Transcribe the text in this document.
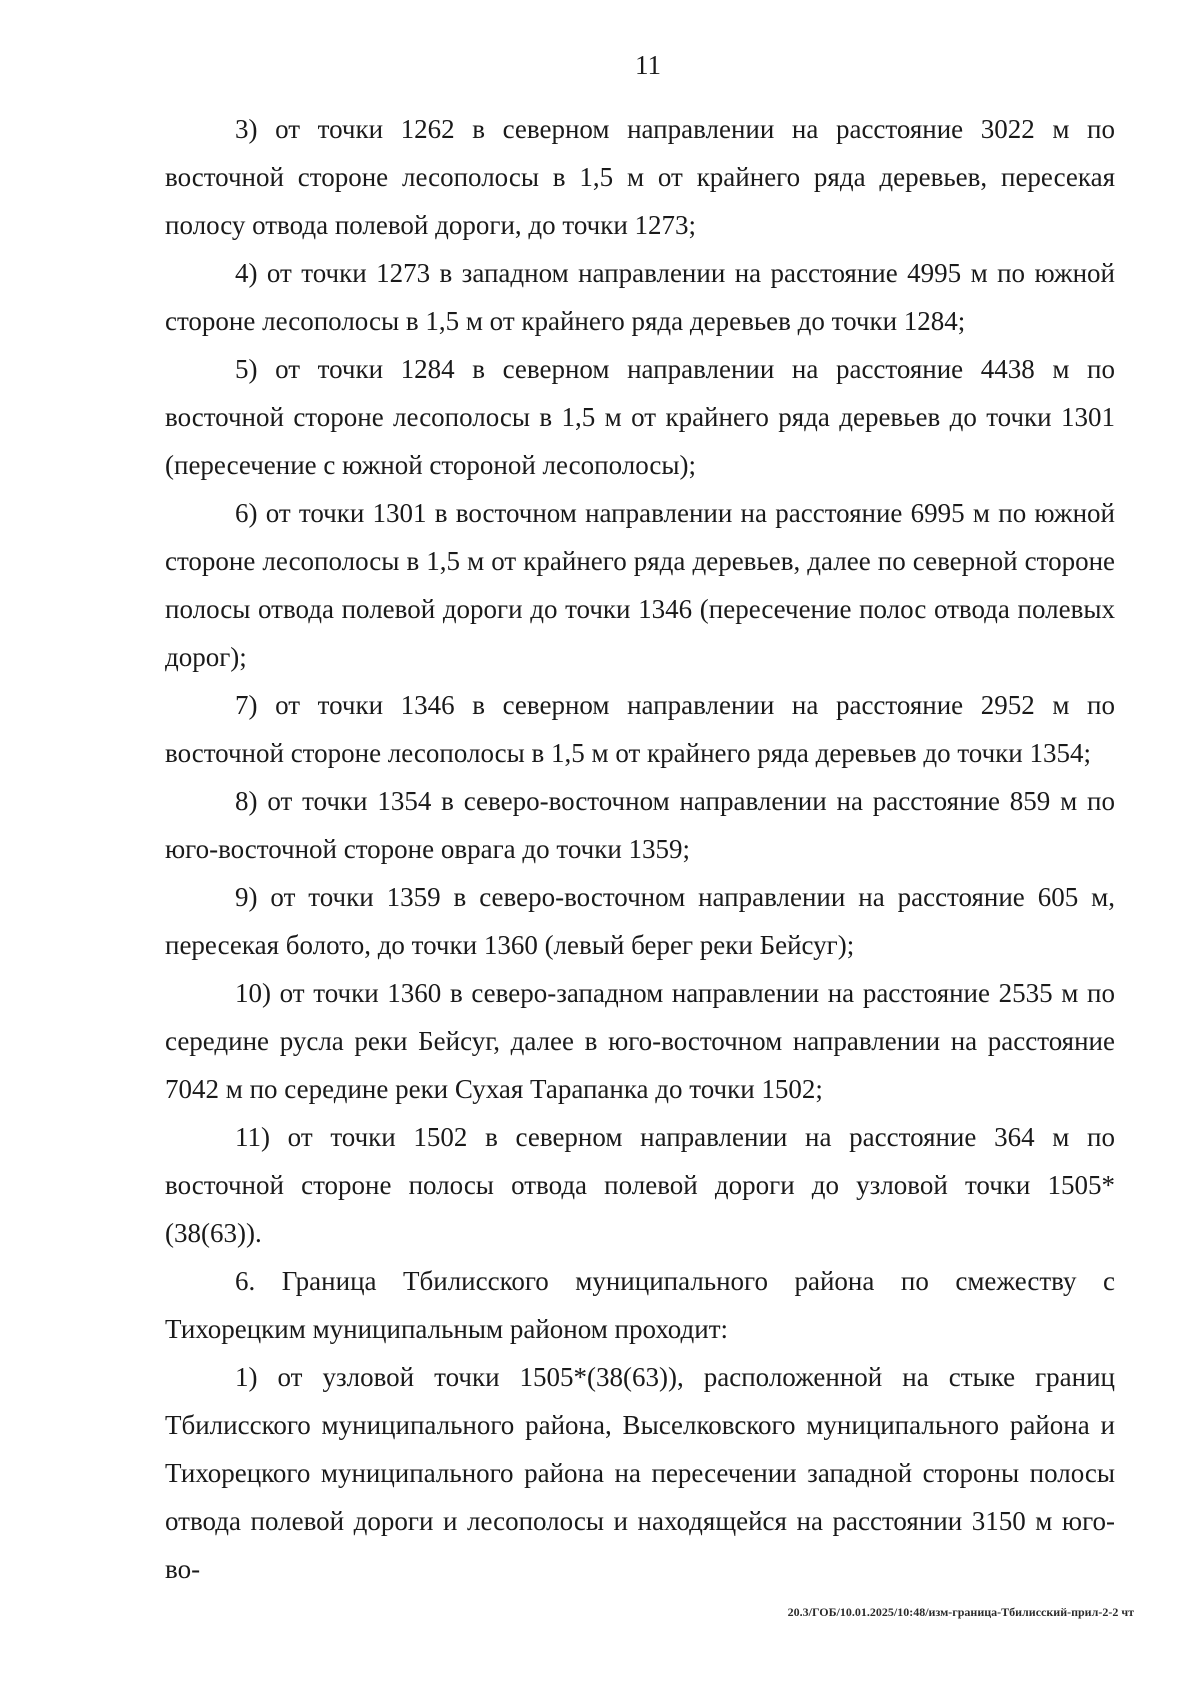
11

3) от точки 1262 в северном направлении на расстояние 3022 м по восточной стороне лесополосы в 1,5 м от крайнего ряда деревьев, пересекая полосу отвода полевой дороги, до точки 1273;

4) от точки 1273 в западном направлении на расстояние 4995 м по южной стороне лесополосы в 1,5 м от крайнего ряда деревьев до точки 1284;

5) от точки 1284 в северном направлении на расстояние 4438 м по восточной стороне лесополосы в 1,5 м от крайнего ряда деревьев до точки 1301 (пересечение с южной стороной лесополосы);

6) от точки 1301 в восточном направлении на расстояние 6995 м по южной стороне лесополосы в 1,5 м от крайнего ряда деревьев, далее по северной стороне полосы отвода полевой дороги до точки 1346 (пересечение полос отвода полевых дорог);

7) от точки 1346 в северном направлении на расстояние 2952 м по восточной стороне лесополосы в 1,5 м от крайнего ряда деревьев до точки 1354;

8) от точки 1354 в северо-восточном направлении на расстояние 859 м по юго-восточной стороне оврага до точки 1359;

9) от точки 1359 в северо-восточном направлении на расстояние 605 м, пересекая болото, до точки 1360 (левый берег реки Бейсуг);

10) от точки 1360 в северо-западном направлении на расстояние 2535 м по середине русла реки Бейсуг, далее в юго-восточном направлении на расстояние 7042 м по середине реки Сухая Тарапанка до точки 1502;

11) от точки 1502 в северном направлении на расстояние 364 м по восточной стороне полосы отвода полевой дороги до узловой точки 1505*(38(63)).

6. Граница Тбилисского муниципального района по смежеству с Тихорецким муниципальным районом проходит:

1) от узловой точки 1505*(38(63)), расположенной на стыке границ Тбилисского муниципального района, Выселковского муниципального района и Тихорецкого муниципального района на пересечении западной стороны полосы отвода полевой дороги и лесополосы и находящейся на расстоянии 3150 м юго-во-

20.3/ГОБ/10.01.2025/10:48/изм-граница-Тбилисский-прил-2-2 чт
